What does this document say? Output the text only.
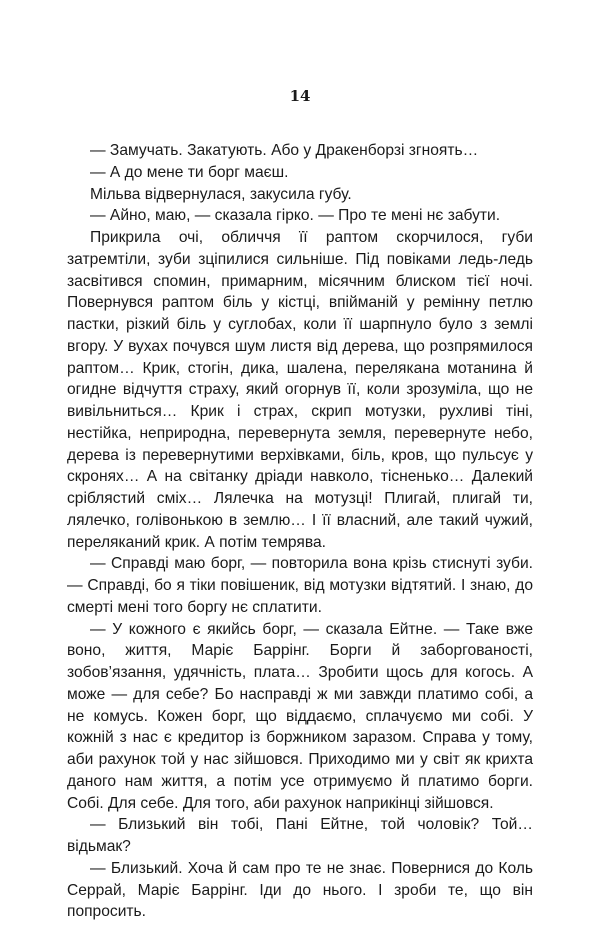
14

— Замучать. Закатують. Або у Дракенборзі згноять…

— А до мене ти борг маєш.

Мільва відвернулася, закусила губу.

— Айно, маю, — сказала гірко. — Про те мені нє забути.

Прикрила очі, обличчя її раптом скорчилося, губи затремтіли, зуби зціпилися сильніше. Під повіками ледь-ледь засвітився спомин, примарним, місячним блиском тієї ночі. Повернувся раптом біль у кістці, впійманій у ремінну петлю пастки, різкий біль у суглобах, коли її шарпнуло було з землі вгору. У вухах почувся шум листя від дерева, що розпрямилося раптом… Крик, стогін, дика, шалена, перелякана мотанина й огидне відчуття страху, який огорнув її, коли зрозуміла, що не вивільниться… Крик і страх, скрип мотузки, рухливі тіні, нестійка, неприродна, перевернута земля, перевернуте небо, дерева із перевернутими верхівками, біль, кров, що пульсує у скронях… А на світанку дріади навколо, тісненько… Далекий сріблястий сміх… Лялечка на мотузці! Плигай, плигай ти, лялечко, голівонькою в землю… І її власний, але такий чужий, переляканий крик. А потім темрява.

— Справді маю борг, — повторила вона крізь стиснуті зуби. — Справді, бо я тіки повішеник, від мотузки відтятий. І знаю, до смерті мені того боргу нє сплатити.

— У кожного є якийсь борг, — сказала Ейтне. — Таке вже воно, життя, Маріє Баррінг. Борги й заборгованості, зобов’язання, удячність, плата… Зробити щось для когось. А може — для себе? Бо насправді ж ми завжди платимо собі, а не комусь. Кожен борг, що віддаємо, сплачуємо ми собі. У кожній з нас є кредитор із боржником заразом. Справа у тому, аби рахунок той у нас зійшовся. Приходимо ми у світ як крихта даного нам життя, а потім усе отримуємо й платимо борги. Собі. Для себе. Для того, аби рахунок наприкінці зійшовся.

— Близький він тобі, Пані Ейтне, той чоловік? Той… відьмак?

— Близький. Хоча й сам про те не знає. Повернися до Коль Серрай, Маріє Баррінг. Іди до нього. І зроби те, що він попросить.
